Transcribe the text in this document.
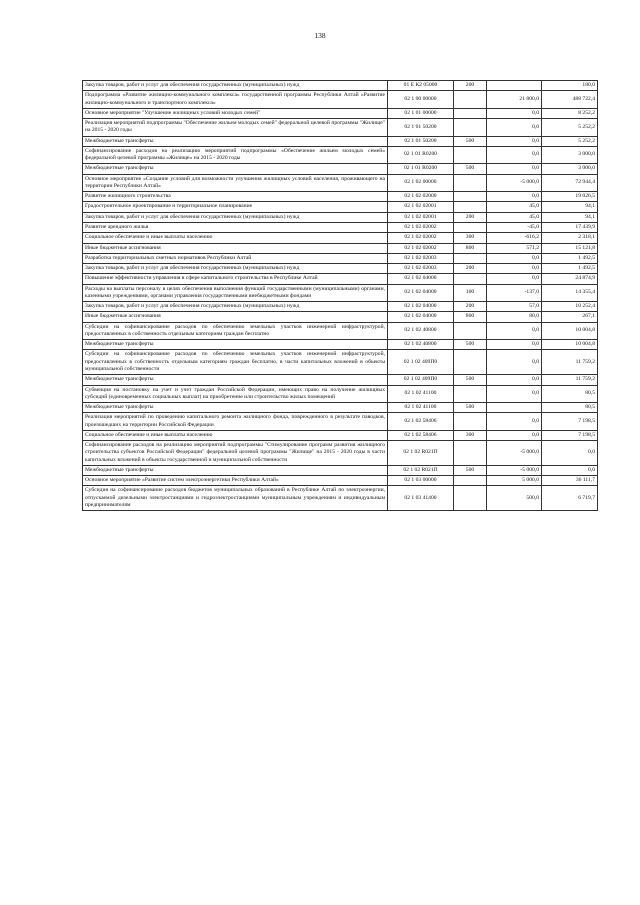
138
Закупка товаров, работ и услуг для обеспечения государственных (муниципальных) нужд	01 Е К2 05000	200		180,0
Подпрограмма «Развитие жилищно-коммунального комплекса» государственной программы Республики Алтай «Развитие жилищно-коммунального и транспортного комплекса»	02 1 00 00000		21 800,0	488 722,4
Основное мероприятие "Улучшение жилищных условий молодых семей"	02 1 01 00000		0,0	8 252,2
Реализация мероприятий подпрограммы "Обеспечение жильем молодых семей" федеральной целевой программы "Жилище" на 2015 - 2020 годы	02 1 01 50200		0,0	5 252,2
Межбюджетные трансферты	02 1 01 50200	500	0,0	5 252,2
Софинансирование расходов на реализацию мероприятий подпрограммы «Обеспечение жильем молодых семей» федеральной целевой программы «Жилище» на 2015 - 2020 годы	02 1 01 R0200		0,0	3 000,0
Межбюджетные трансферты	02 1 01 R0200	500	0,0	3 000,0
Основное мероприятие «Создание условий для возможности улучшения жилищных условий населения, проживающего на территории Республики Алтай»	02 1 02 00000		-5 000,0	72 944,4
Развитие жилищного строительства	02 1 02 02000		0,0	19 026,5
Градостроительное проектирование и территориальное планирование	02 1 02 02001		45,0	94,1
Закупка товаров, работ и услуг для обеспечения государственных (муниципальных) нужд	02 1 02 02001	200	45,0	94,1
Развитие арендного жилья	02 1 02 02002		-45,0	17 439,9
Социальное обеспечение и иные выплаты населению	02 1 02 02002	300	-616,2	2 318,1
Иные бюджетные ассигнования	02 1 02 02002	800	571,2	15 121,8
Разработка территориальных сметных нормативов Республики Алтай	02 1 02 02003		0,0	1 492,5
Закупка товаров, работ и услуг для обеспечения государственных (муниципальных) нужд	02 1 02 02003	200	0,0	1 492,5
Повышение эффективности управления в сфере капитального строительства в Республике Алтай	02 1 02 04000		0,0	24 874,9
Расходы на выплаты персоналу в целях обеспечения выполнения функций государственными (муниципальными) органами, казенными учреждениями, органами управления государственными внебюджетными фондами	02 1 02 04000	100	-137,0	14 355,4
Закупка товаров, работ и услуг для обеспечения государственных (муниципальных) нужд	02 1 02 04000	200	57,0	10 252,4
Иные бюджетные ассигнования	02 1 02 04000	800	80,0	267,1
Субсидии на софинансирование расходов по обеспечению земельных участков инженерной инфраструктурой, предоставленных в собственность отдельным категориям граждан бесплатно	02 1 02 40800		0,0	10 004,8
Межбюджетные трансферты	02 1 02 40800	500	0,0	10 004,8
Субсидии на софинансирование расходов по обеспечению земельных участков инженерной инфраструктурой, предоставленных в собственность отдельным категориям граждан бесплатно, в части капитальных вложений в объекты муниципальной собственности	02 1 02 409П0		0,0	11 759,2
Межбюджетные трансферты	02 1 02 409П0	500	0,0	11 759,2
Субвенция на постановку на учет и учет граждан Российской Федерации, имеющих право на получение жилищных субсидий (единовременных социальных выплат) на приобретение или строительство жилых помещений	02 1 02 41100		0,0	80,5
Межбюджетные трансферты	02 1 02 41100	500		80,5
Реализация мероприятий по проведению капитального ремонта жилищного фонда, поврежденного в результате паводков, произошедших на территории Российской Федерации	02 1 02 58406		0,0	7 198,5
Социальное обеспечение и иные выплаты населению	02 1 02 58406	300	0,0	7 198,5
Софинансирование расходов на реализацию мероприятий подпрограммы "Стимулирование программ развития жилищного строительства субъектов Российской Федерации" федеральной целевой программы "Жилище" на 2015 - 2020 годы в части капитальных вложений в объекты государственной и муниципальной собственности	02 1 02 R021П		-5 000,0	0,0
Межбюджетные трансферты	02 1 02 R021П	500	-5 000,0	0,0
Основное мероприятие «Развитие систем электроэнергетики Республики Алтай»	02 1 03 00000		5 000,0	36 111,7
Субсидия на софинансирование расходов бюджетов муниципальных образований в Республике Алтай по электроэнергии, отпускаемой дизельными электростанциями и гидроэлектростанциями муниципальным учреждениям и индивидуальным предпринимателям	02 1 03 41400		500,0	6 719,7
